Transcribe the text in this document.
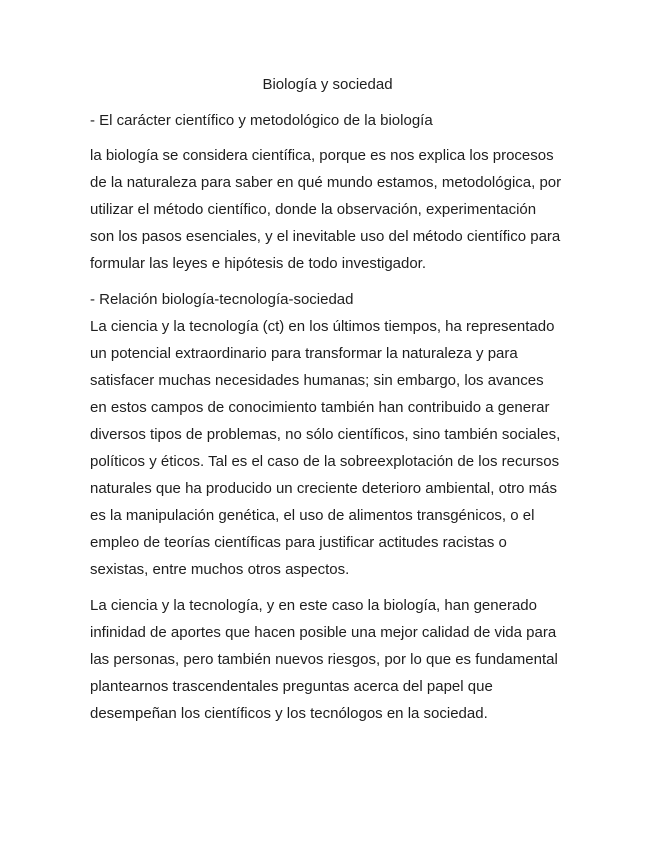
Biología y sociedad
- El carácter científico y metodológico de la biología
la biología se considera científica, porque es nos explica los procesos
de la naturaleza para saber en qué mundo estamos, metodológica, por
utilizar el método científico, donde la observación, experimentación
son los pasos esenciales, y el inevitable uso del método científico para
formular las leyes e hipótesis de todo investigador.
- Relación biología-tecnología-sociedad
La ciencia y la tecnología (ct) en los últimos tiempos, ha representado
un potencial extraordinario para transformar la naturaleza y para
satisfacer muchas necesidades humanas; sin embargo, los avances
en estos campos de conocimiento también han contribuido a generar
diversos tipos de problemas, no sólo científicos, sino también sociales,
políticos y éticos. Tal es el caso de la sobreexplotación de los recursos
naturales que ha producido un creciente deterioro ambiental, otro más
es la manipulación genética, el uso de alimentos transgénicos, o el
empleo de teorías científicas para justificar actitudes racistas o
sexistas, entre muchos otros aspectos.
La ciencia y la tecnología, y en este caso la biología, han generado
infinidad de aportes que hacen posible una mejor calidad de vida para
las personas, pero también nuevos riesgos, por lo que es fundamental
plantearnos trascendentales preguntas acerca del papel que
desempeñan los científicos y los tecnólogos en la sociedad.
